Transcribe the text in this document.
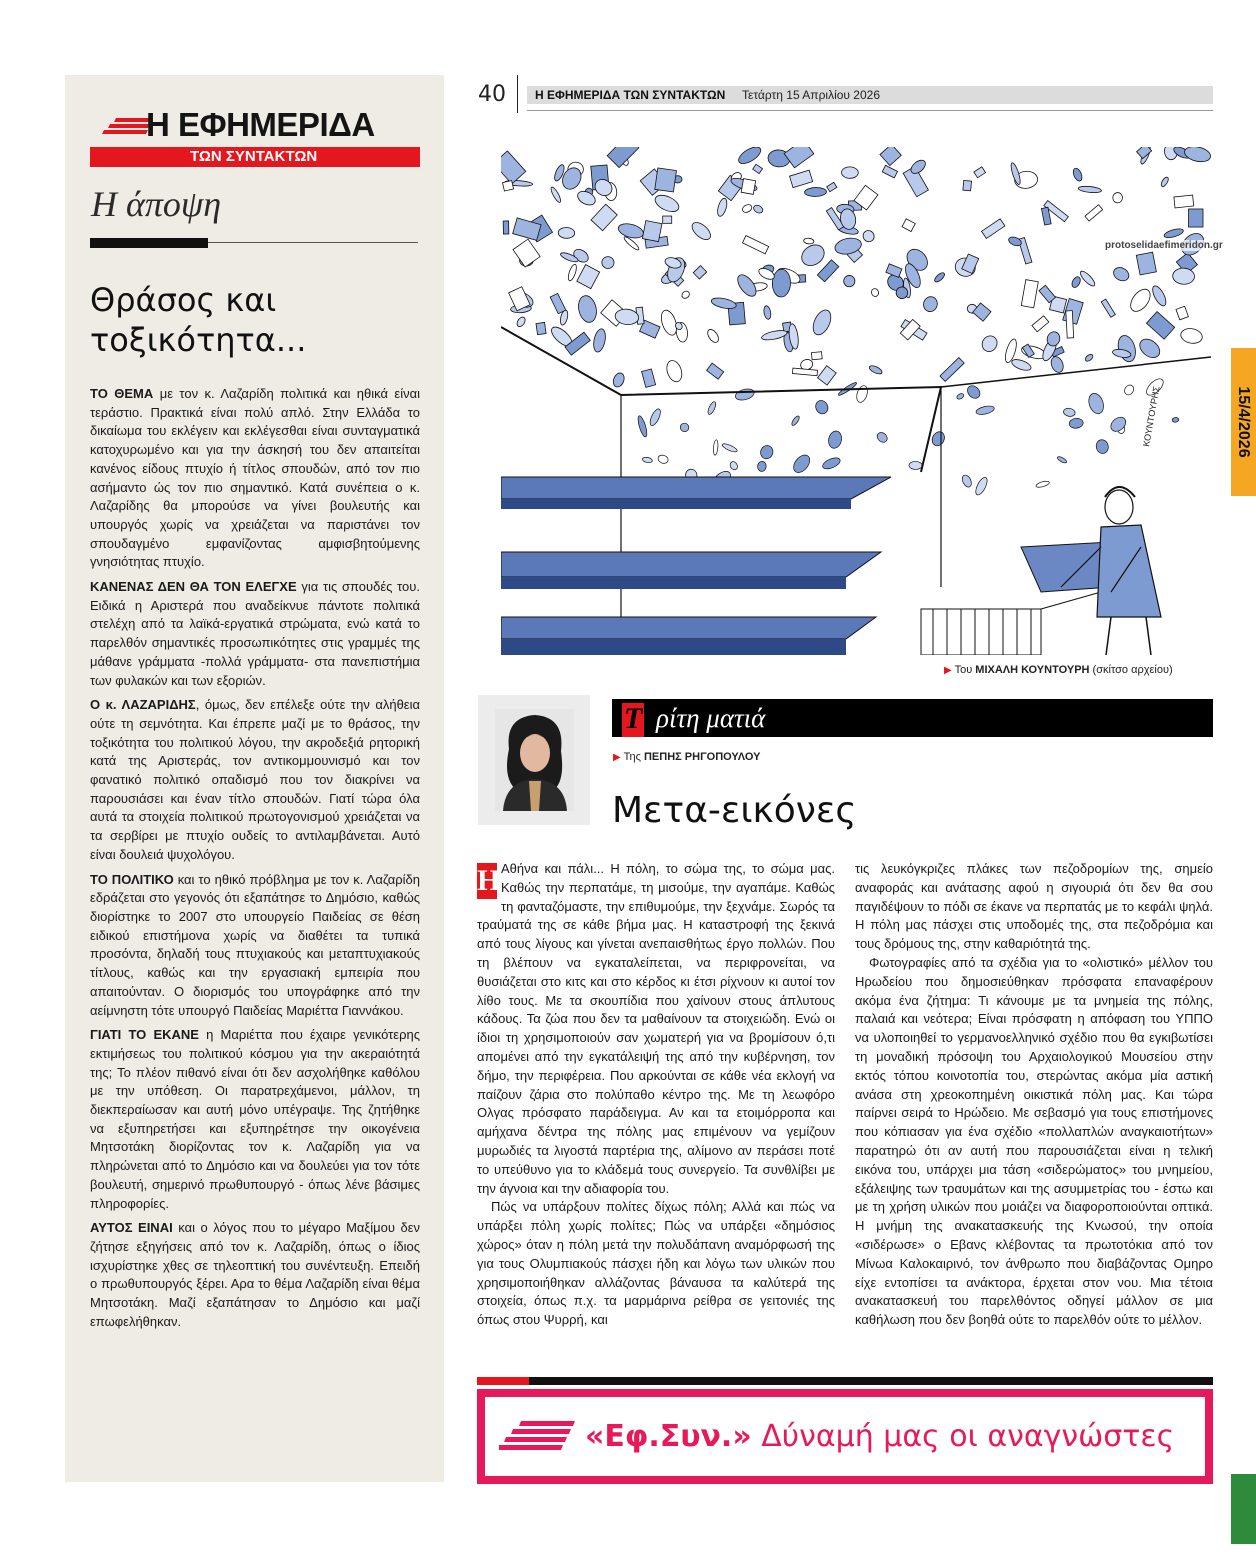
Η ΕΦΗΜΕΡΙΔΑ
ΤΩΝ ΣΥΝΤΑΚΤΩΝ
Η άποψη
Θράσος και τοξικότητα...

ΤΟ ΘΕΜΑ με τον κ. Λαζαρίδη πολιτικά και ηθικά είναι τεράστιο. Πρακτικά είναι πολύ απλό. Στην Ελλάδα το δικαίωμα του εκλέγειν και εκλέγεσθαι είναι συνταγματικά κατοχυρωμένο και για την άσκησή του δεν απαιτείται κανένος είδους πτυχίο ή τίτλος σπουδών, από τον πιο ασήμαντο ώς τον πιο σημαντικό. Κατά συνέπεια ο κ. Λαζαρίδης θα μπορούσε να γίνει βουλευτής και υπουργός χωρίς να χρειάζεται να παριστάνει τον σπουδαγμένο εμφανίζοντας αμφισβητούμενης γνησιότητας πτυχίο.

ΚΑΝΕΝΑΣ ΔΕΝ ΘΑ ΤΟΝ ΕΛΕΓΧΕ για τις σπουδές του. Ειδικά η Αριστερά που αναδείκνυε πάντοτε πολιτικά στελέχη από τα λαϊκά-εργατικά στρώματα, ενώ κατά το παρελθόν σημαντικές προσωπικότητες στις γραμμές της μάθανε γράμματα -πολλά γράμματα- στα πανεπιστήμια των φυλακών και των εξοριών.

Ο κ. ΛΑΖΑΡΙΔΗΣ, όμως, δεν επέλεξε ούτε την αλήθεια ούτε τη σεμνότητα. Και έπρεπε μαζί με το θράσος, την τοξικότητα του πολιτικού λόγου, την ακροδεξιά ρητορική κατά της Αριστεράς, τον αντικομμουνισμό και τον φανατικό πολιτικό οπαδισμό που τον διακρίνει να παρουσιάσει και έναν τίτλο σπουδών. Γιατί τώρα όλα αυτά τα στοιχεία πολιτικού πρωτογονισμού χρειάζεται να τα σερβίρει με πτυχίο ουδείς το αντιλαμβάνεται. Αυτό είναι δουλειά ψυχολόγου.

ΤΟ ΠΟΛΙΤΙΚΟ και το ηθικό πρόβλημα με τον κ. Λαζαρίδη εδράζεται στο γεγονός ότι εξαπάτησε το Δημόσιο, καθώς διορίστηκε το 2007 στο υπουργείο Παιδείας σε θέση ειδικού επιστήμονα χωρίς να διαθέτει τα τυπικά προσόντα, δηλαδή τους πτυχιακούς και μεταπτυχιακούς τίτλους, καθώς και την εργασιακή εμπειρία που απαιτούνταν. Ο διορισμός του υπογράφηκε από την αείμνηστη τότε υπουργό Παιδείας Μαριέττα Γιαννάκου.

ΓΙΑΤΙ ΤΟ ΕΚΑΝΕ η Μαριέττα που έχαιρε γενικότερης εκτιμήσεως του πολιτικού κόσμου για την ακεραιότητά της; Το πλέον πιθανό είναι ότι δεν ασχολήθηκε καθόλου με την υπόθεση. Οι παρατρεχάμενοι, μάλλον, τη διεκπεραίωσαν και αυτή μόνο υπέγραψε. Της ζητήθηκε να εξυπηρετήσει και εξυπηρέτησε την οικογένεια Μητσοτάκη διορίζοντας τον κ. Λαζαρίδη για να πληρώνεται από το Δημόσιο και να δουλεύει για τον τότε βουλευτή, σημερινό πρωθυπουργό - όπως λένε βάσιμες πληροφορίες.

ΑΥΤΟΣ ΕΙΝΑΙ και ο λόγος που το μέγαρο Μαξίμου δεν ζήτησε εξηγήσεις από τον κ. Λαζαρίδη, όπως ο ίδιος ισχυρίστηκε χθες σε τηλεοπτική του συνέντευξη. Επειδή ο πρωθυπουργός ξέρει. Αρα το θέμα Λαζαρίδη είναι θέμα Μητσοτάκη. Μαζί εξαπάτησαν το Δημόσιο και μαζί επωφελήθηκαν.

40 Η ΕΦΗΜΕΡΙΔΑ ΤΩΝ ΣΥΝΤΑΚΤΩΝ Τετάρτη 15 Απριλίου 2026
ΚΟΥΝΤΟΥΡΗΣ
protoselidaefimeridon.gr
▶ Του ΜΙΧΑΛΗ ΚΟΥΝΤΟΥΡΗ (σκίτσο αρχείου)
Τ ρίτη ματιά
▶ Της ΠΕΠΗΣ ΡΗΓΟΠΟΥΛΟΥ
Μετα-εικόνες

Η Αθήνα και πάλι... Η πόλη, το σώμα της, το σώμα μας. Καθώς την περπατάμε, τη μισούμε, την αγαπάμε. Καθώς τη φανταζόμαστε, την επιθυμούμε, την ξεχνάμε. Σωρός τα τραύματά της σε κάθε βήμα μας. Η καταστροφή της ξεκινά από τους λίγους και γίνεται ανεπαισθήτως έργο πολλών. Που τη βλέπουν να εγκαταλείπεται, να περιφρονείται, να θυσιάζεται στο κιτς και στο κέρδος κι έτσι ρίχνουν κι αυτοί τον λίθο τους. Με τα σκουπίδια που χαίνουν στους άπλυτους κάδους. Τα ζώα που δεν τα μαθαίνουν τα στοιχειώδη. Ενώ οι ίδιοι τη χρησιμοποιούν σαν χωματερή για να βρομίσουν ό,τι απομένει από την εγκατάλειψή της από την κυβέρνηση, τον δήμο, την περιφέρεια. Που αρκούνται σε κάθε νέα εκλογή να παίζουν ζάρια στο πολύπαθο κέντρο της. Με τη λεωφόρο Ολγας πρόσφατο παράδειγμα. Αν και τα ετοιμόρροπα και αμήχανα δέντρα της πόλης μας επιμένουν να γεμίζουν μυρωδιές τα λιγοστά παρτέρια της, αλίμονο αν περάσει ποτέ το υπεύθυνο για το κλάδεμά τους συνεργείο. Τα συνθλίβει με την άγνοια και την αδιαφορία του.

Πώς να υπάρξουν πολίτες δίχως πόλη; Αλλά και πώς να υπάρξει πόλη χωρίς πολίτες; Πώς να υπάρξει «δημόσιος χώρος» όταν η πόλη μετά την πολυδάπανη αναμόρφωσή της για τους Ολυμπιακούς πάσχει ήδη και λόγω των υλικών που χρησιμοποιήθηκαν αλλάζοντας βάναυσα τα καλύτερά της στοιχεία, όπως π.χ. τα μαρμάρινα ρείθρα σε γειτονιές της όπως στου Ψυρρή, και

τις λευκόγκριζες πλάκες των πεζοδρομίων της, σημείο αναφοράς και ανάτασης αφού η σιγουριά ότι δεν θα σου παγιδέψουν το πόδι σε έκανε να περπατάς με το κεφάλι ψηλά. Η πόλη μας πάσχει στις υποδομές της, στα πεζοδρόμια και τους δρόμους της, στην καθαριότητά της.

Φωτογραφίες από τα σχέδια για το «ολιστικό» μέλλον του Ηρωδείου που δημοσιεύθηκαν πρόσφατα επαναφέρουν ακόμα ένα ζήτημα: Τι κάνουμε με τα μνημεία της πόλης, παλαιά και νεότερα; Είναι πρόσφατη η απόφαση του ΥΠΠΟ να υλοποιηθεί το γερμανοελληνικό σχέδιο που θα εγκιβωτίσει τη μοναδική πρόσοψη του Αρχαιολογικού Μουσείου στην εκτός τόπου κοινοτοπία του, στερώντας ακόμα μία αστική ανάσα στη χρεοκοπημένη οικιστικά πόλη μας. Και τώρα παίρνει σειρά το Ηρώδειο. Με σεβασμό για τους επιστήμονες που κόπιασαν για ένα σχέδιο «πολλαπλών αναγκαιοτήτων» παρατηρώ ότι αν αυτή που παρουσιάζεται είναι η τελική εικόνα του, υπάρχει μια τάση «σιδερώματος» του μνημείου, εξάλειψης των τραυμάτων και της ασυμμετρίας του - έστω και με τη χρήση υλικών που μοιάζει να διαφοροποιούνται οπτικά. Η μνήμη της ανακατασκευής της Κνωσού, την οποία «σιδέρωσε» ο Εβανς κλέβοντας τα πρωτοτόκια από τον Μίνωα Καλοκαιρινό, τον άνθρωπο που διαβάζοντας Ομηρο είχε εντοπίσει τα ανάκτορα, έρχεται στον νου. Μια τέτοια ανακατασκευή του παρελθόντος οδηγεί μάλλον σε μια καθήλωση που δεν βοηθά ούτε το παρελθόν ούτε το μέλλον.

«Εφ.Συν.» Δύναμή μας οι αναγνώστες
15/4/2026
